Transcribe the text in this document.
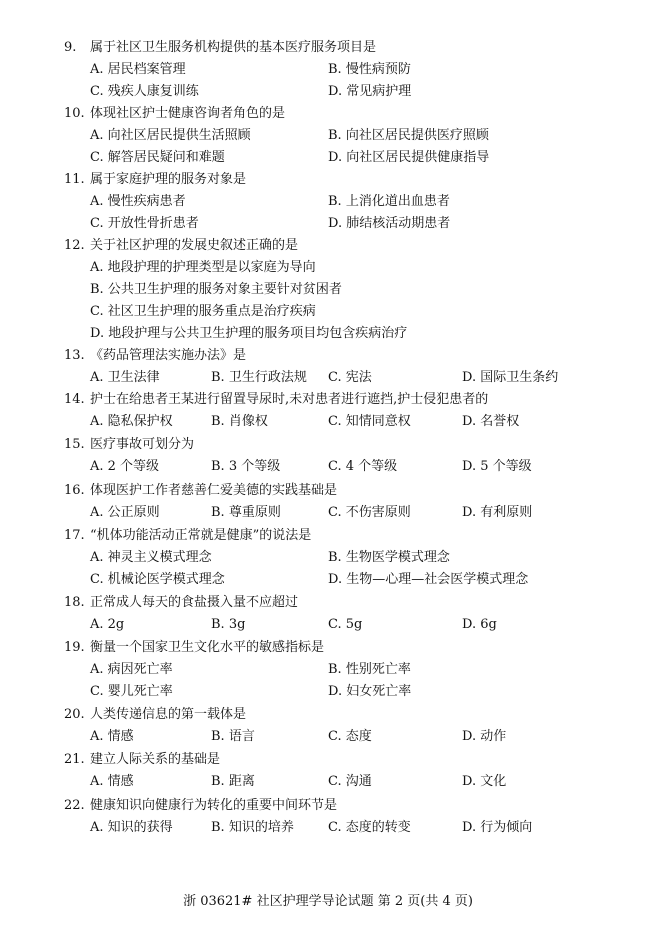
9. 属于社区卫生服务机构提供的基本医疗服务项目是
A. 居民档案管理	B. 慢性病预防
C. 残疾人康复训练	D. 常见病护理
10. 体现社区护士健康咨询者角色的是
A. 向社区居民提供生活照顾	B. 向社区居民提供医疗照顾
C. 解答居民疑问和难题	D. 向社区居民提供健康指导
11. 属于家庭护理的服务对象是
A. 慢性疾病患者	B. 上消化道出血患者
C. 开放性骨折患者	D. 肺结核活动期患者
12. 关于社区护理的发展史叙述正确的是
A. 地段护理的护理类型是以家庭为导向
B. 公共卫生护理的服务对象主要针对贫困者
C. 社区卫生护理的服务重点是治疗疾病
D. 地段护理与公共卫生护理的服务项目均包含疾病治疗
13. 《药品管理法实施办法》是
A. 卫生法律	B. 卫生行政法规 C. 宪法	D. 国际卫生条约
14. 护士在给患者王某进行留置导尿时,未对患者进行遮挡,护士侵犯患者的
A. 隐私保护权	B. 肖像权	C. 知情同意权	D. 名誉权
15. 医疗事故可划分为
A. 2 个等级	B. 3 个等级	C. 4 个等级	D. 5 个等级
16. 体现医护工作者慈善仁爱美德的实践基础是
A. 公正原则	B. 尊重原则	C. 不伤害原则	D. 有利原则
17. “机体功能活动正常就是健康”的说法是
A. 神灵主义模式理念	B. 生物医学模式理念
C. 机械论医学模式理念	D. 生物—心理—社会医学模式理念
18. 正常成人每天的食盐摄入量不应超过
A. 2g	B. 3g	C. 5g	D. 6g
19. 衡量一个国家卫生文化水平的敏感指标是
A. 病因死亡率	B. 性别死亡率
C. 婴儿死亡率	D. 妇女死亡率
20. 人类传递信息的第一载体是
A. 情感	B. 语言	C. 态度	D. 动作
21. 建立人际关系的基础是
A. 情感	B. 距离	C. 沟通	D. 文化
22. 健康知识向健康行为转化的重要中间环节是
A. 知识的获得	B. 知识的培养	C. 态度的转变	D. 行为倾向
浙 03621# 社区护理学导论试题 第 2 页(共 4 页)
